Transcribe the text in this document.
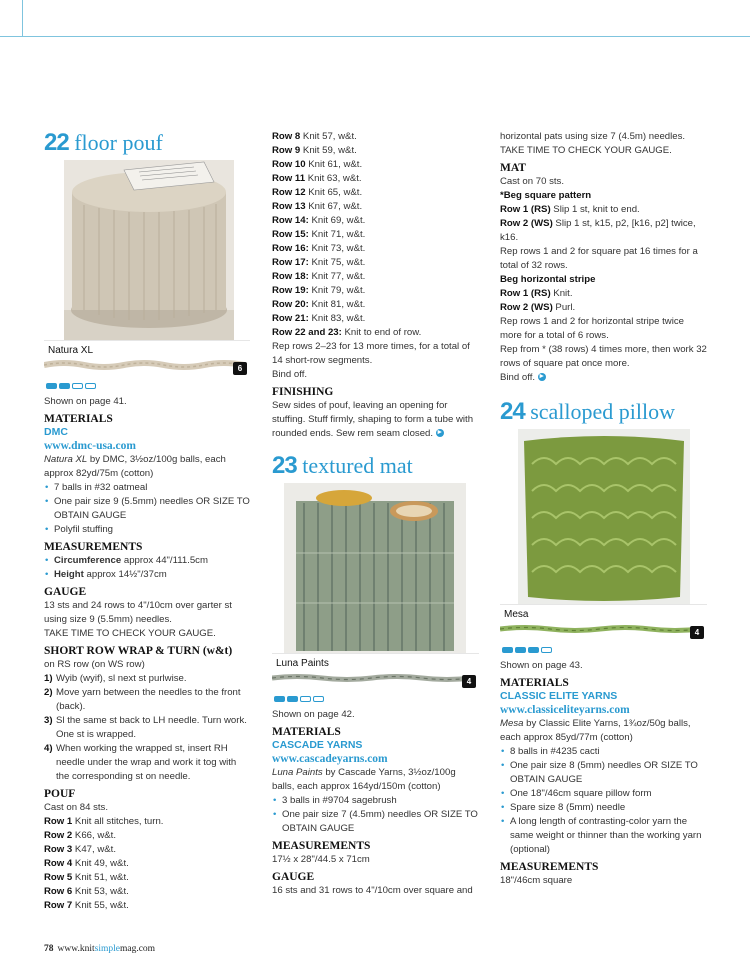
22 floor pouf
Natura XL
6

Shown on page 41.

MATERIALS
DMC
www.dmc-usa.com

Natura XL by DMC, 3½oz/100g balls, each approx 82yd/75m (cotton)

• 7 balls in #32 oatmeal
• One pair size 9 (5.5mm) needles OR SIZE TO OBTAIN GAUGE
• Polyfil stuffing
MEASUREMENTS
• Circumference approx 44"/111.5cm
• Height approx 14½"/37cm
GAUGE

13 sts and 24 rows to 4"/10cm over garter st using size 9 (5.5mm) needles.

TAKE TIME TO CHECK YOUR GAUGE.

SHORT ROW WRAP & TURN (w&t)

on RS row (on WS row)

1) Wyib (wyif), sl next st purlwise.
2) Move yarn between the needles to the front (back).
3) Sl the same st back to LH needle. Turn work. One st is wrapped.
4) When working the wrapped st, insert RH needle under the wrap and work it tog with the corresponding st on needle.
POUF

Cast on 84 sts.

Row 1 Knit all stitches, turn.
Row 2 K66, w&t.
Row 3 K47, w&t.
Row 4 Knit 49, w&t.
Row 5 Knit 51, w&t.
Row 6 Knit 53, w&t.
Row 7 Knit 55, w&t.
Row 8 Knit 57, w&t.
Row 9 Knit 59, w&t.
Row 10 Knit 61, w&t.
Row 11 Knit 63, w&t.
Row 12 Knit 65, w&t.
Row 13 Knit 67, w&t.
Row 14: Knit 69, w&t.
Row 15: Knit 71, w&t.
Row 16: Knit 73, w&t.
Row 17: Knit 75, w&t.
Row 18: Knit 77, w&t.
Row 19: Knit 79, w&t.
Row 20: Knit 81, w&t.
Row 21: Knit 83, w&t.
Row 22 and 23: Knit to end of row.

Rep rows 2–23 for 13 more times, for a total of 14 short-row segments.

Bind off.

FINISHING

Sew sides of pouf, leaving an opening for stuffing. Stuff firmly, shaping to form a tube with rounded ends. Sew rem seam closed. ►

23 textured mat
Luna Paints
4

Shown on page 42.

MATERIALS
CASCADE YARNS
www.cascadeyarns.com

Luna Paints by Cascade Yarns, 3½oz/100g balls, each approx 164yd/150m (cotton)

• 3 balls in #9704 sagebrush
• One pair size 7 (4.5mm) needles OR SIZE TO OBTAIN GAUGE
MEASUREMENTS

17½ x 28"/44.5 x 71cm

GAUGE

16 sts and 31 rows to 4"/10cm over square and

horizontal pats using size 7 (4.5m) needles.

TAKE TIME TO CHECK YOUR GAUGE.

MAT

Cast on 70 sts.

*Beg square pattern

Row 1 (RS) Slip 1 st, knit to end.
Row 2 (WS) Slip 1 st, k15, p2, [k16, p2] twice, k16.

Rep rows 1 and 2 for square pat 16 times for a total of 32 rows.

Beg horizontal stripe

Row 1 (RS) Knit.
Row 2 (WS) Purl.

Rep rows 1 and 2 for horizontal stripe twice more for a total of 6 rows.

Rep from * (38 rows) 4 times more, then work 32 rows of square pat once more.

Bind off. ►

24 scalloped pillow
Mesa
4

Shown on page 43.

MATERIALS
CLASSIC ELITE YARNS
www.classiceliteyarns.com

Mesa by Classic Elite Yarns, 1¾oz/50g balls, each approx 85yd/77m (cotton)

• 8 balls in #4235 cacti
• One pair size 8 (5mm) needles OR SIZE TO OBTAIN GAUGE
• One 18"/46cm square pillow form
• Spare size 8 (5mm) needle
• A long length of contrasting-color yarn the same weight or thinner than the working yarn (optional)
MEASUREMENTS

18"/46cm square

78 www.knitsimplemag.com
